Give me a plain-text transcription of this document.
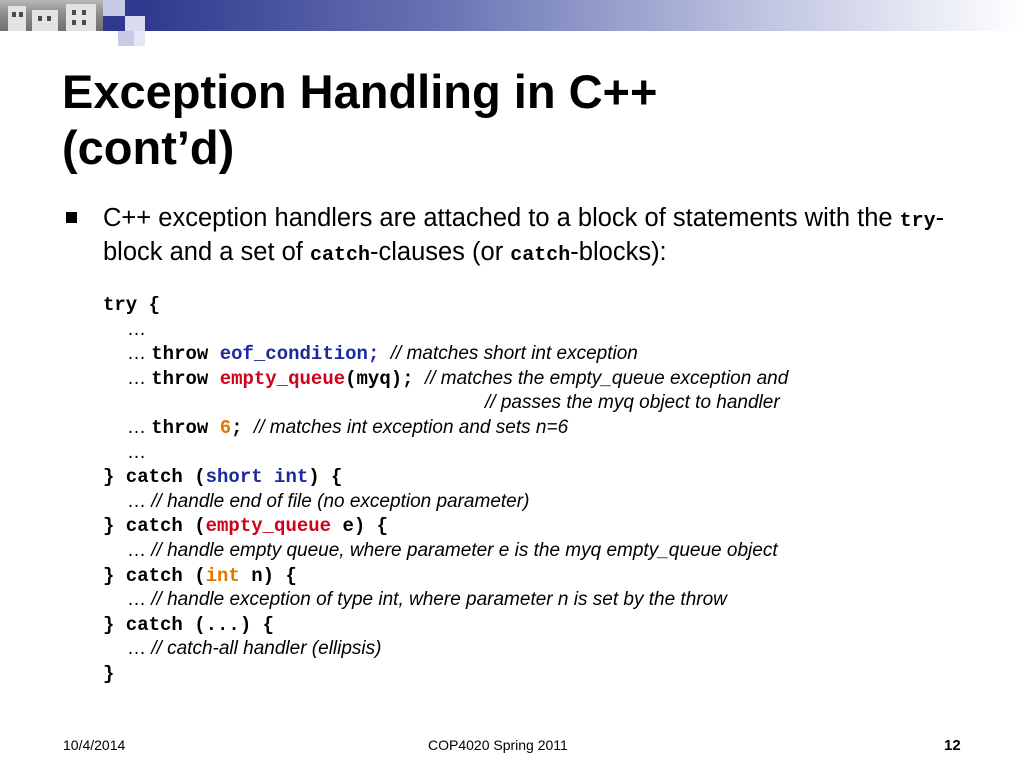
Exception Handling in C++
(cont’d)

C++ exception handlers are attached to a block of statements with the try-block and a set of catch-clauses (or catch-blocks):

try {
…
… throw eof_condition; // matches short int exception
… throw empty_queue(myq); // matches the empty_queue exception and
// passes the myq object to handler
… throw 6; // matches int exception and sets n=6
…
} catch (short int) {
… // handle end of file (no exception parameter)
} catch (empty_queue e) {
… // handle empty queue, where parameter e is the myq empty_queue object
} catch (int n) {
… // handle exception of type int, where parameter n is set by the throw
} catch (...) {
… // catch-all handler (ellipsis)
}
10/4/2014	COP4020 Spring 2011	12
